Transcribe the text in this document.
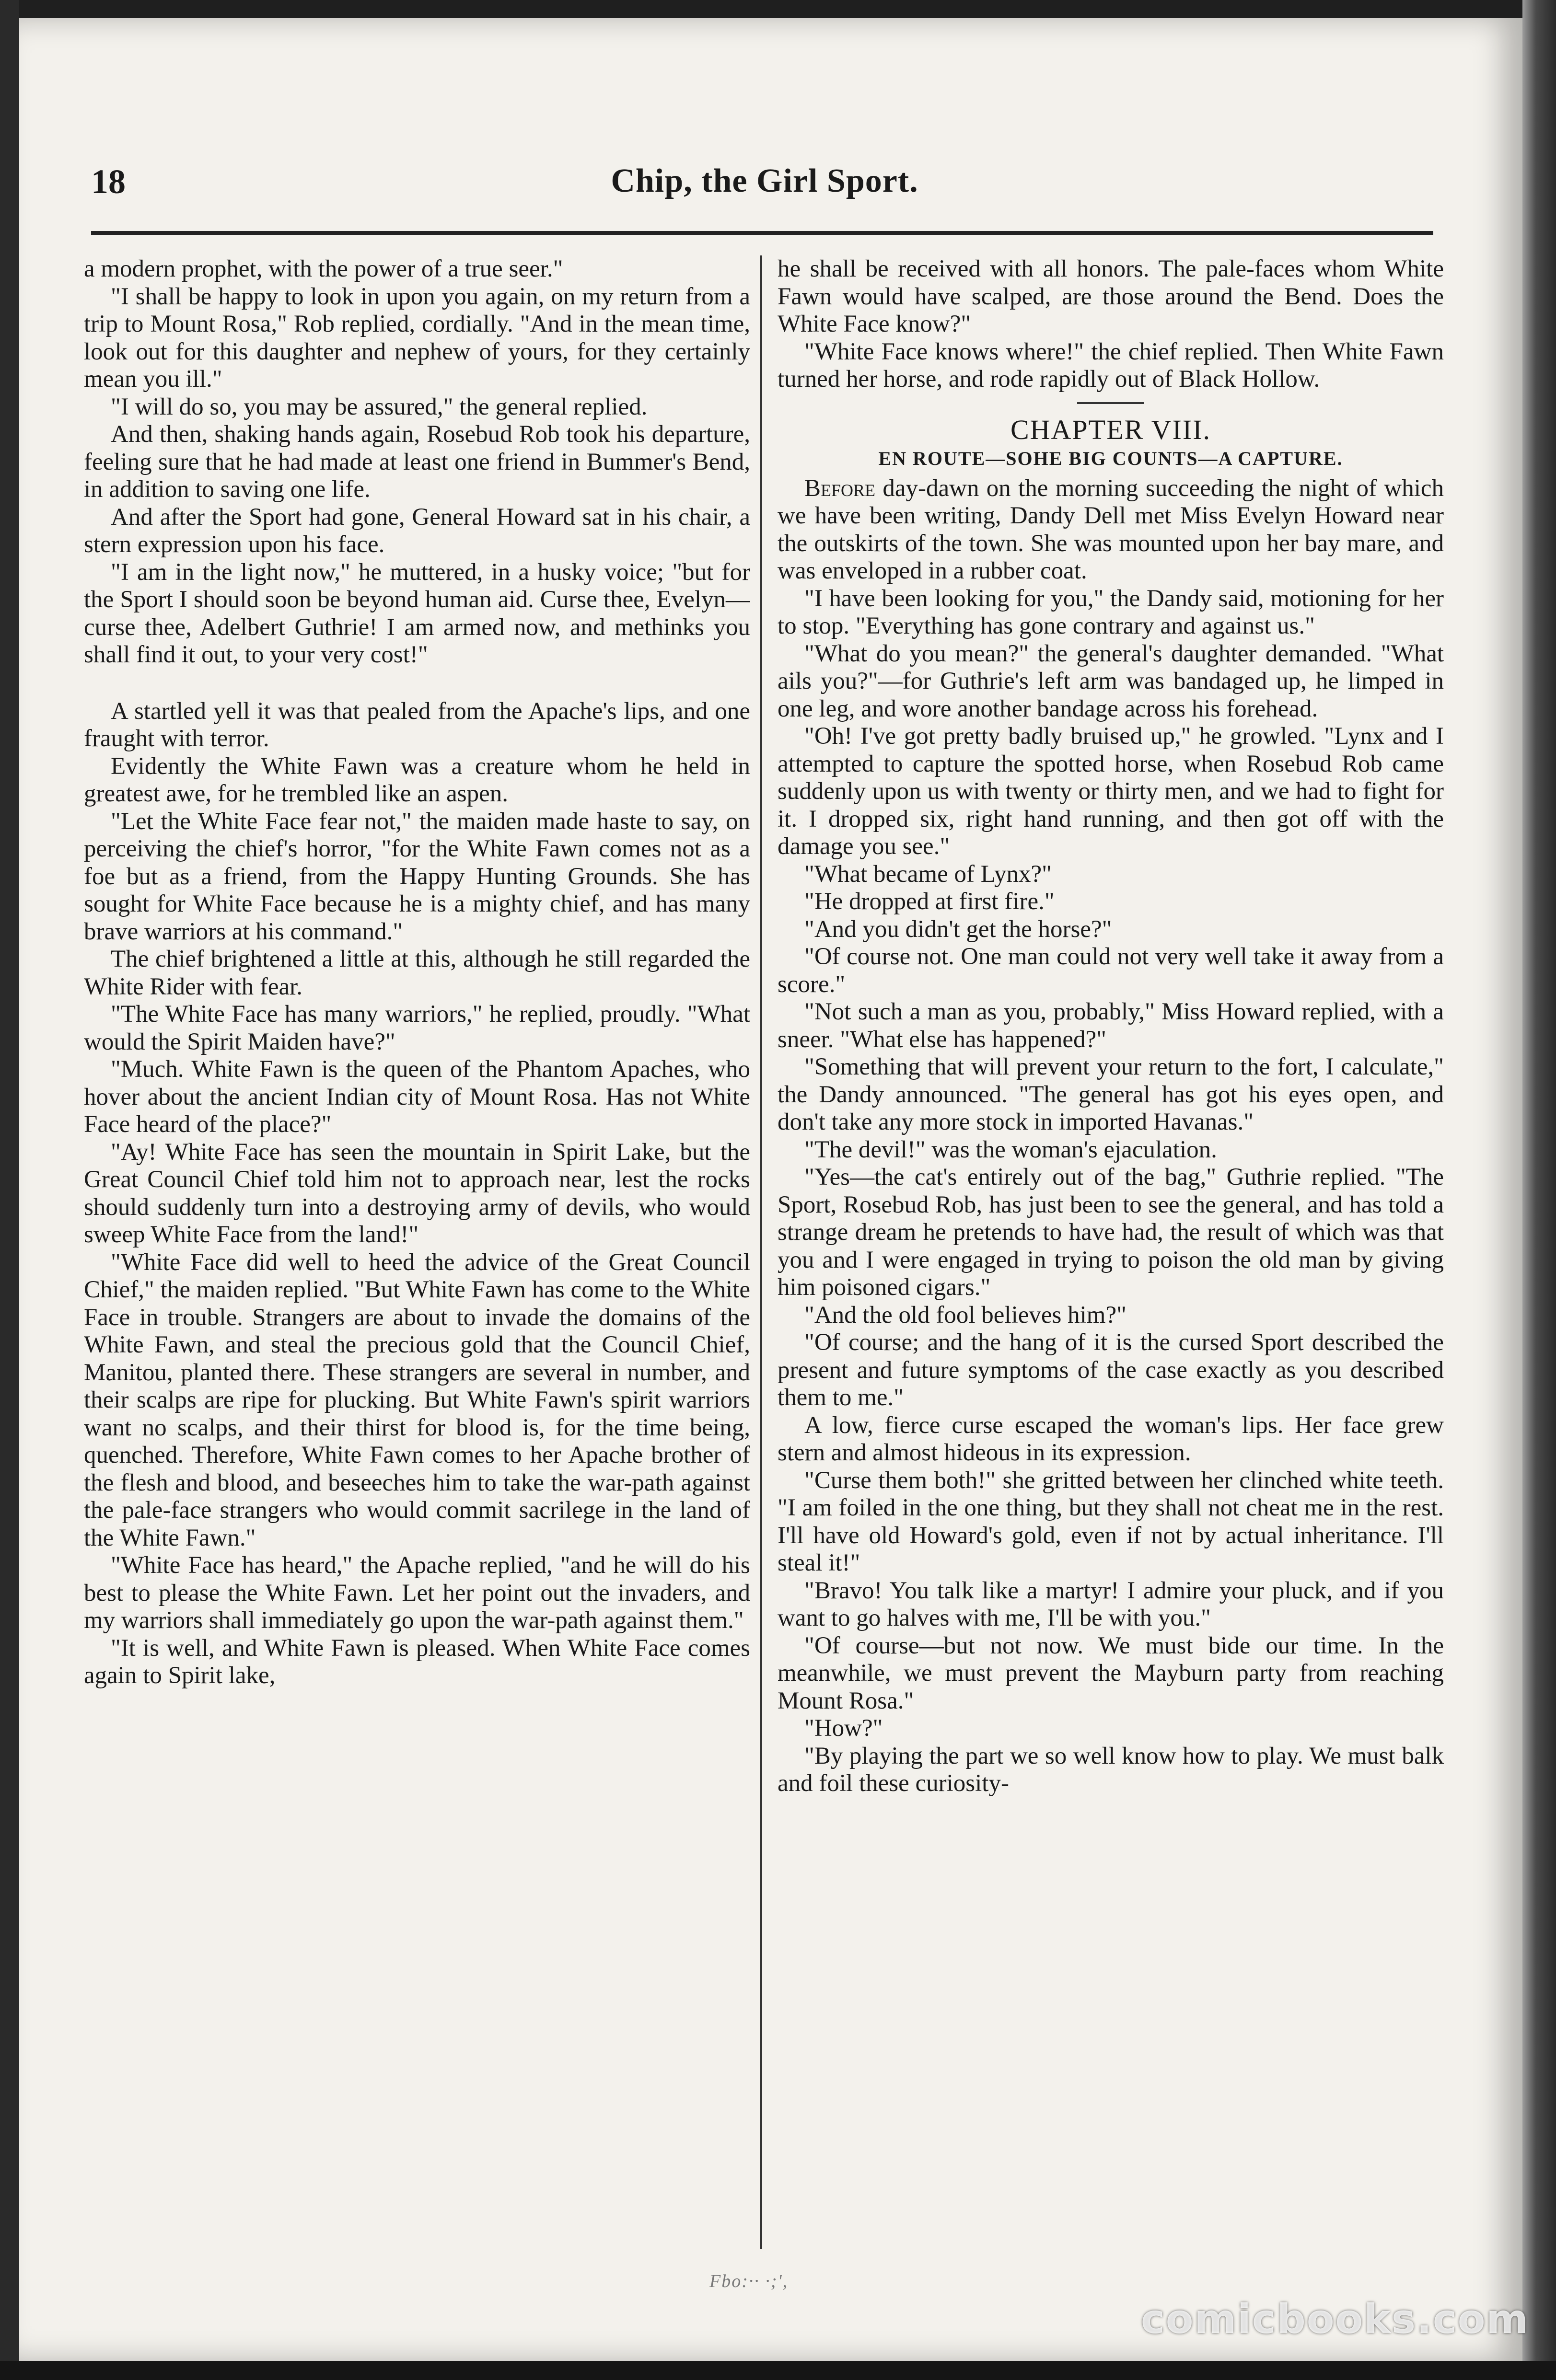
18	Chip, the Girl Sport.

a modern prophet, with the power of a true seer."

"I shall be happy to look in upon you again, on my return from a trip to Mount Rosa," Rob replied, cordially. "And in the mean time, look out for this daughter and nephew of yours, for they certainly mean you ill."

"I will do so, you may be assured," the general replied.

And then, shaking hands again, Rosebud Rob took his departure, feeling sure that he had made at least one friend in Bummer's Bend, in addition to saving one life.

And after the Sport had gone, General Howard sat in his chair, a stern expression upon his face.

"I am in the light now," he muttered, in a husky voice; "but for the Sport I should soon be beyond human aid. Curse thee, Evelyn—curse thee, Adelbert Guthrie! I am armed now, and methinks you shall find it out, to your very cost!"

A startled yell it was that pealed from the Apache's lips, and one fraught with terror.

Evidently the White Fawn was a creature whom he held in greatest awe, for he trembled like an aspen.

"Let the White Face fear not," the maiden made haste to say, on perceiving the chief's horror, "for the White Fawn comes not as a foe but as a friend, from the Happy Hunting Grounds. She has sought for White Face because he is a mighty chief, and has many brave warriors at his command."

The chief brightened a little at this, although he still regarded the White Rider with fear.

"The White Face has many warriors," he replied, proudly. "What would the Spirit Maiden have?"

"Much. White Fawn is the queen of the Phantom Apaches, who hover about the ancient Indian city of Mount Rosa. Has not White Face heard of the place?"

"Ay! White Face has seen the mountain in Spirit Lake, but the Great Council Chief told him not to approach near, lest the rocks should suddenly turn into a destroying army of devils, who would sweep White Face from the land!"

"White Face did well to heed the advice of the Great Council Chief," the maiden replied. "But White Fawn has come to the White Face in trouble. Strangers are about to invade the domains of the White Fawn, and steal the precious gold that the Council Chief, Manitou, planted there. These strangers are several in number, and their scalps are ripe for plucking. But White Fawn's spirit warriors want no scalps, and their thirst for blood is, for the time being, quenched. Therefore, White Fawn comes to her Apache brother of the flesh and blood, and beseeches him to take the war-path against the pale-face strangers who would commit sacrilege in the land of the White Fawn."

"White Face has heard," the Apache replied, "and he will do his best to please the White Fawn. Let her point out the invaders, and my warriors shall immediately go upon the war-path against them."

"It is well, and White Fawn is pleased. When White Face comes again to Spirit lake,

he shall be received with all honors. The pale-faces whom White Fawn would have scalped, are those around the Bend. Does the White Face know?"

"White Face knows where!" the chief replied. Then White Fawn turned her horse, and rode rapidly out of Black Hollow.

CHAPTER VIII.
EN ROUTE—SOHE BIG COUNTS—A CAPTURE.

Before day-dawn on the morning succeeding the night of which we have been writing, Dandy Dell met Miss Evelyn Howard near the outskirts of the town. She was mounted upon her bay mare, and was enveloped in a rubber coat.

"I have been looking for you," the Dandy said, motioning for her to stop. "Everything has gone contrary and against us."

"What do you mean?" the general's daughter demanded. "What ails you?"—for Guthrie's left arm was bandaged up, he limped in one leg, and wore another bandage across his forehead.

"Oh! I've got pretty badly bruised up," he growled. "Lynx and I attempted to capture the spotted horse, when Rosebud Rob came suddenly upon us with twenty or thirty men, and we had to fight for it. I dropped six, right hand running, and then got off with the damage you see."

"What became of Lynx?"

"He dropped at first fire."

"And you didn't get the horse?"

"Of course not. One man could not very well take it away from a score."

"Not such a man as you, probably," Miss Howard replied, with a sneer. "What else has happened?"

"Something that will prevent your return to the fort, I calculate," the Dandy announced. "The general has got his eyes open, and don't take any more stock in imported Havanas."

"The devil!" was the woman's ejaculation.

"Yes—the cat's entirely out of the bag," Guthrie replied. "The Sport, Rosebud Rob, has just been to see the general, and has told a strange dream he pretends to have had, the result of which was that you and I were engaged in trying to poison the old man by giving him poisoned cigars."

"And the old fool believes him?"

"Of course; and the hang of it is the cursed Sport described the present and future symptoms of the case exactly as you described them to me."

A low, fierce curse escaped the woman's lips. Her face grew stern and almost hideous in its expression.

"Curse them both!" she gritted between her clinched white teeth. "I am foiled in the one thing, but they shall not cheat me in the rest. I'll have old Howard's gold, even if not by actual inheritance. I'll steal it!"

"Bravo! You talk like a martyr! I admire your pluck, and if you want to go halves with me, I'll be with you."

"Of course—but not now. We must bide our time. In the meanwhile, we must prevent the Mayburn party from reaching Mount Rosa."

"How?"

"By playing the part we so well know how to play. We must balk and foil these curiosity-

Fbo:·· ·;',
comicbooks.com
